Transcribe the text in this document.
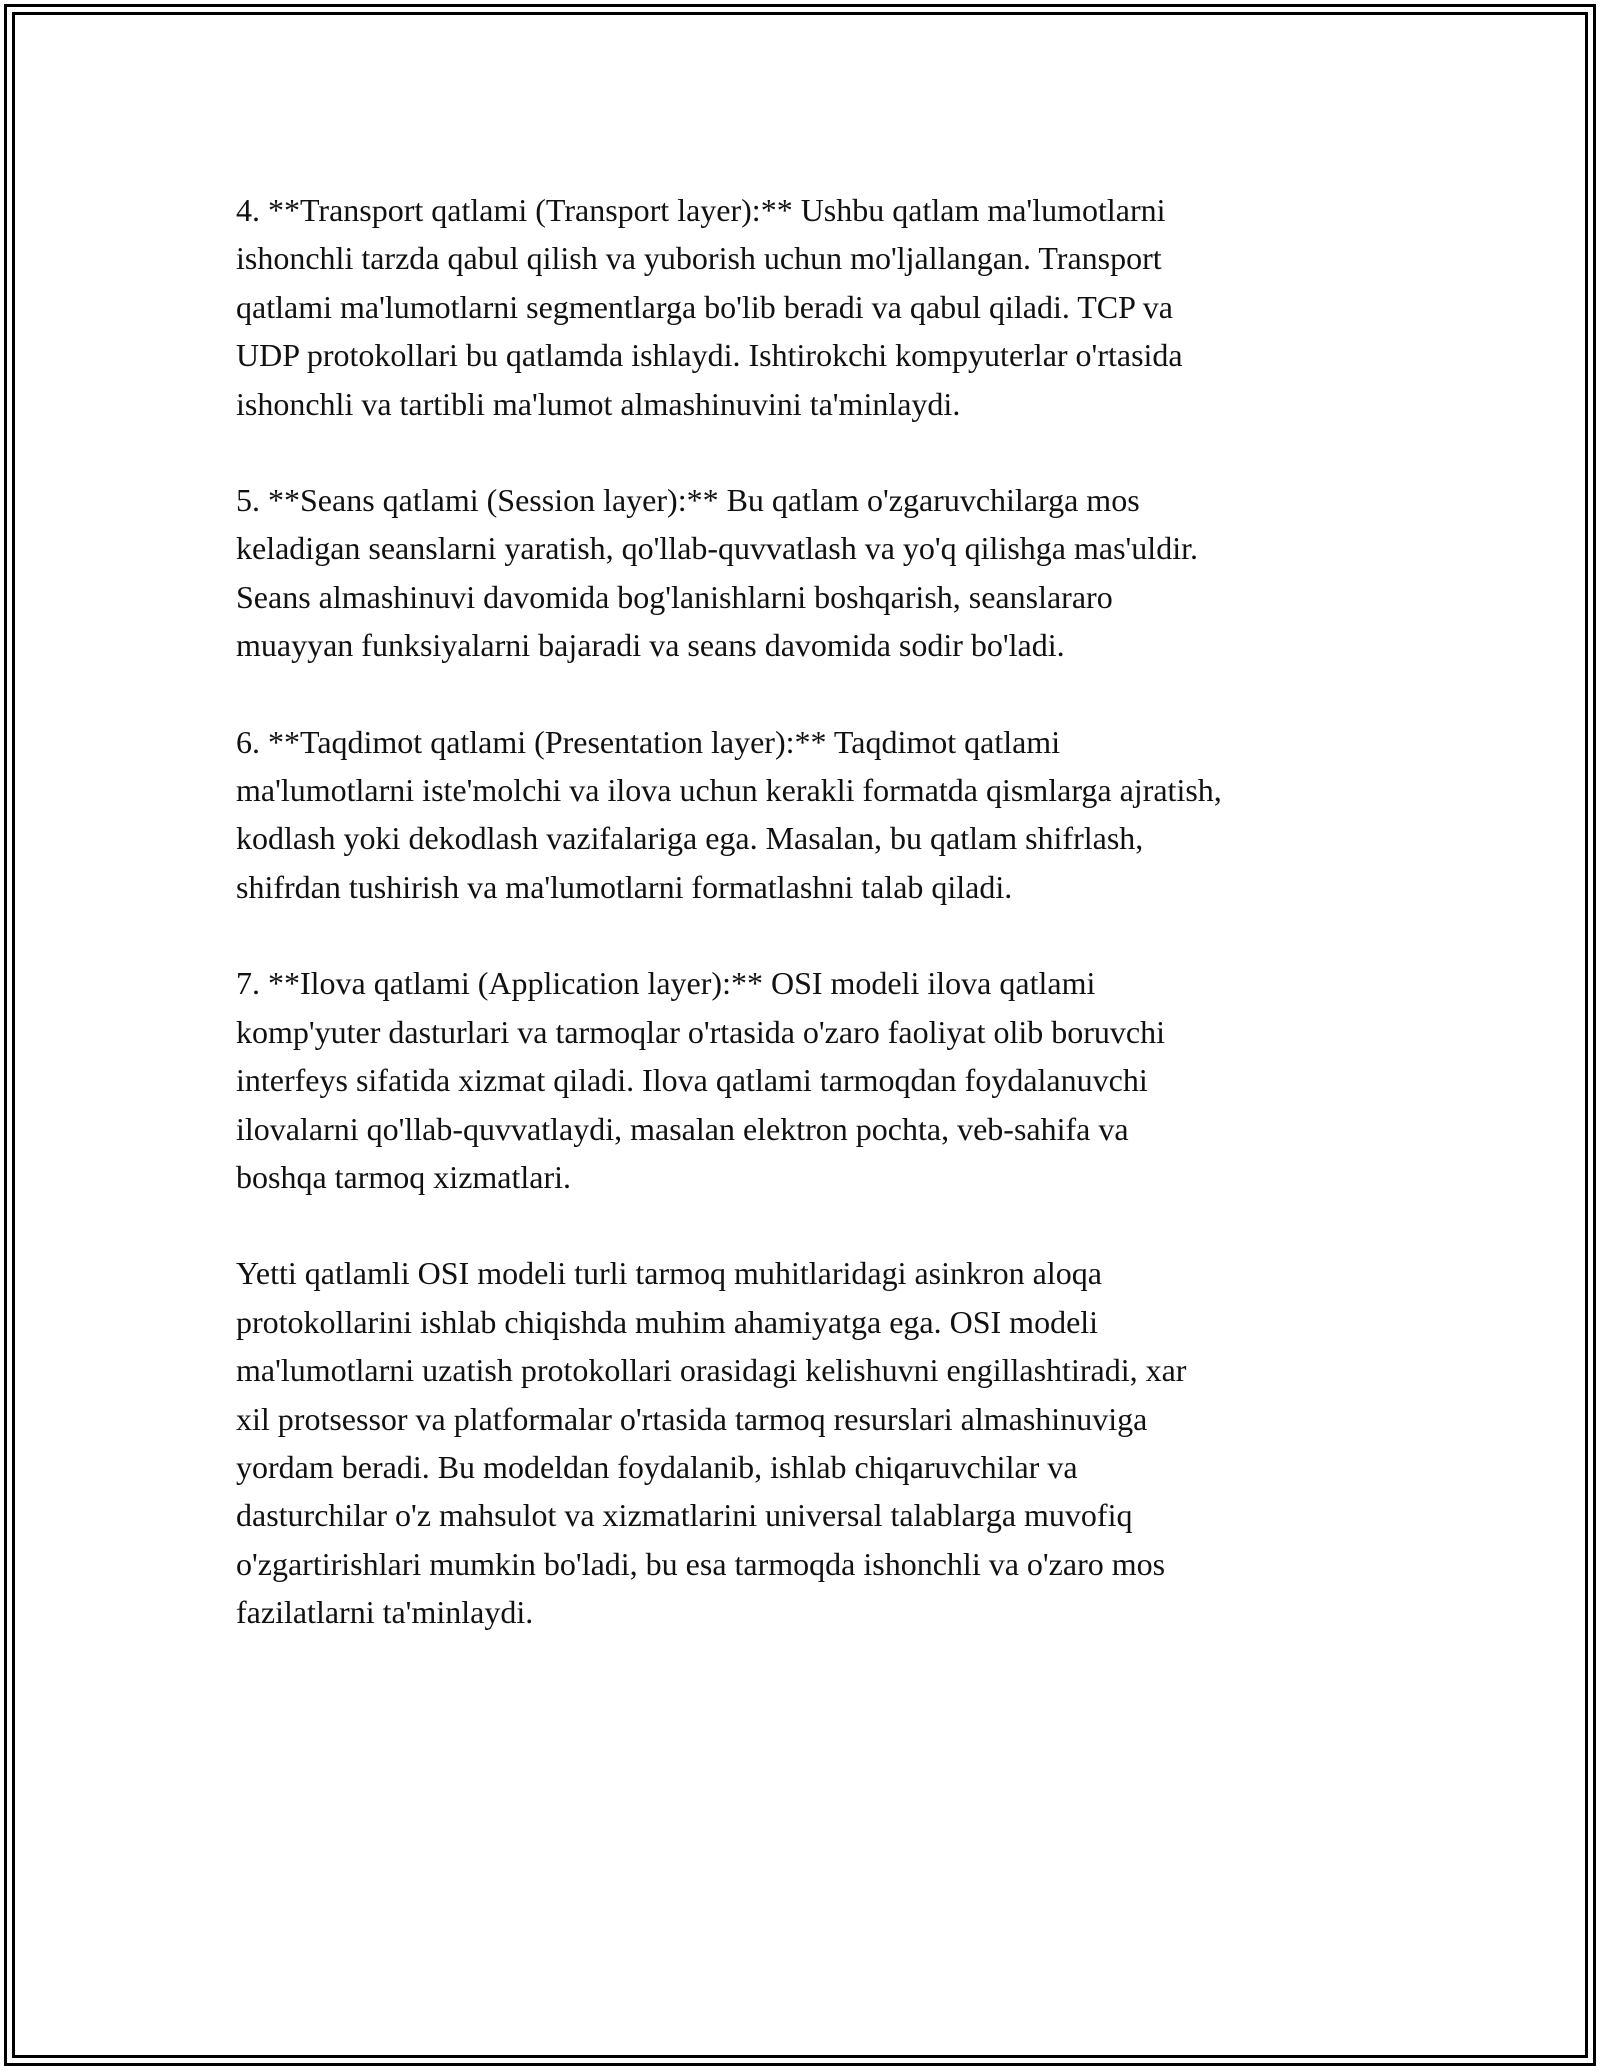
4. **Transport qatlami (Transport layer):** Ushbu qatlam ma'lumotlarni
ishonchli tarzda qabul qilish va yuborish uchun mo'ljallangan. Transport
qatlami ma'lumotlarni segmentlarga bo'lib beradi va qabul qiladi. TCP va
UDP protokollari bu qatlamda ishlaydi. Ishtirokchi kompyuterlar o'rtasida
ishonchli va tartibli ma'lumot almashinuvini ta'minlaydi.
5. **Seans qatlami (Session layer):** Bu qatlam o'zgaruvchilarga mos
keladigan seanslarni yaratish, qo'llab-quvvatlash va yo'q qilishga mas'uldir.
Seans almashinuvi davomida bog'lanishlarni boshqarish, seanslararo
muayyan funksiyalarni bajaradi va seans davomida sodir bo'ladi.
6. **Taqdimot qatlami (Presentation layer):** Taqdimot qatlami
ma'lumotlarni iste'molchi va ilova uchun kerakli formatda qismlarga ajratish,
kodlash yoki dekodlash vazifalariga ega. Masalan, bu qatlam shifrlash,
shifrdan tushirish va ma'lumotlarni formatlashni talab qiladi.
7. **Ilova qatlami (Application layer):** OSI modeli ilova qatlami
komp'yuter dasturlari va tarmoqlar o'rtasida o'zaro faoliyat olib boruvchi
interfeys sifatida xizmat qiladi. Ilova qatlami tarmoqdan foydalanuvchi
ilovalarni qo'llab-quvvatlaydi, masalan elektron pochta, veb-sahifa va
boshqa tarmoq xizmatlari.
Yetti qatlamli OSI modeli turli tarmoq muhitlaridagi asinkron aloqa
protokollarini ishlab chiqishda muhim ahamiyatga ega. OSI modeli
ma'lumotlarni uzatish protokollari orasidagi kelishuvni engillashtiradi, xar
xil protsessor va platformalar o'rtasida tarmoq resurslari almashinuviga
yordam beradi. Bu modeldan foydalanib, ishlab chiqaruvchilar va
dasturchilar o'z mahsulot va xizmatlarini universal talablarga muvofiq
o'zgartirishlari mumkin bo'ladi, bu esa tarmoqda ishonchli va o'zaro mos
fazilatlarni ta'minlaydi.
